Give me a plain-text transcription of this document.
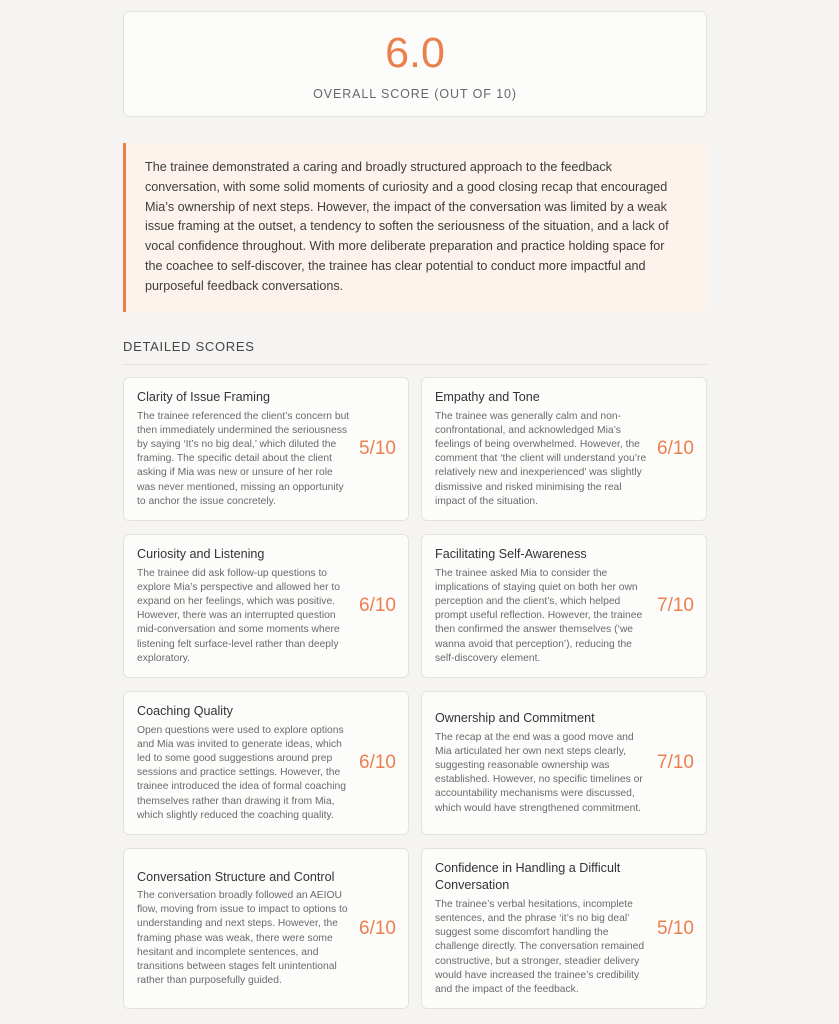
6.0
OVERALL SCORE (OUT OF 10)

The trainee demonstrated a caring and broadly structured approach to the feedback conversation, with some solid moments of curiosity and a good closing recap that encouraged Mia’s ownership of next steps. However, the impact of the conversation was limited by a weak issue framing at the outset, a tendency to soften the seriousness of the situation, and a lack of vocal confidence throughout. With more deliberate preparation and practice holding space for the coachee to self-discover, the trainee has clear potential to conduct more impactful and purposeful feedback conversations.

DETAILED SCORES
Clarity of Issue Framing
The trainee referenced the client’s concern but then immediately undermined the seriousness by saying ‘It’s no big deal,’ which diluted the framing. The specific detail about the client asking if Mia was new or unsure of her role was never mentioned, missing an opportunity to anchor the issue concretely.
5/10
Empathy and Tone
The trainee was generally calm and non-confrontational, and acknowledged Mia’s feelings of being overwhelmed. However, the comment that ‘the client will understand you’re relatively new and inexperienced’ was slightly dismissive and risked minimising the real impact of the situation.
6/10
Curiosity and Listening
The trainee did ask follow-up questions to explore Mia’s perspective and allowed her to expand on her feelings, which was positive. However, there was an interrupted question mid-conversation and some moments where listening felt surface-level rather than deeply exploratory.
6/10
Facilitating Self-Awareness
The trainee asked Mia to consider the implications of staying quiet on both her own perception and the client’s, which helped prompt useful reflection. However, the trainee then confirmed the answer themselves (‘we wanna avoid that perception’), reducing the self-discovery element.
7/10
Coaching Quality
Open questions were used to explore options and Mia was invited to generate ideas, which led to some good suggestions around prep sessions and practice settings. However, the trainee introduced the idea of formal coaching themselves rather than drawing it from Mia, which slightly reduced the coaching quality.
6/10
Ownership and Commitment
The recap at the end was a good move and Mia articulated her own next steps clearly, suggesting reasonable ownership was established. However, no specific timelines or accountability mechanisms were discussed, which would have strengthened commitment.
7/10
Conversation Structure and Control
The conversation broadly followed an AEIOU flow, moving from issue to impact to options to understanding and next steps. However, the framing phase was weak, there were some hesitant and incomplete sentences, and transitions between stages felt unintentional rather than purposefully guided.
6/10
Confidence in Handling a Difficult Conversation
The trainee’s verbal hesitations, incomplete sentences, and the phrase ‘it’s no big deal’ suggest some discomfort handling the challenge directly. The conversation remained constructive, but a stronger, steadier delivery would have increased the trainee’s credibility and the impact of the feedback.
5/10
